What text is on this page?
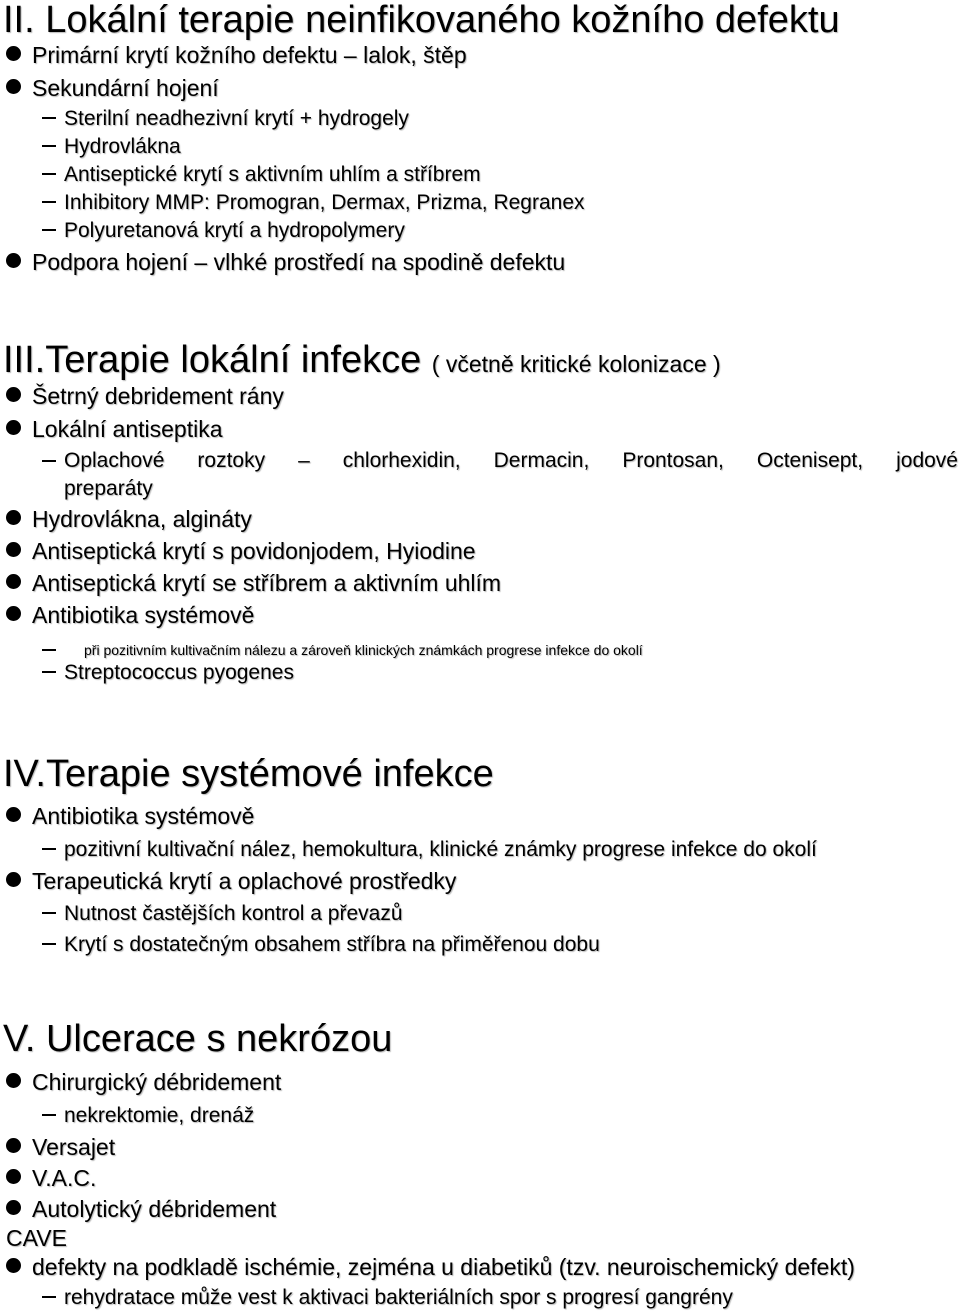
II. Lokální terapie neinfikovaného kožního defektu
Primární krytí kožního defektu – lalok, štěp
Sekundární hojení
Sterilní neadhezivní krytí + hydrogely
Hydrovlákna
Antiseptické krytí s aktivním uhlím a stříbrem
Inhibitory MMP: Promogran, Dermax, Prizma, Regranex
Polyuretanová krytí a hydropolymery
Podpora hojení – vlhké prostředí na spodině defektu
III.Terapie lokální infekce ( včetně kritické kolonizace )
Šetrný debridement rány
Lokální antiseptika
Oplachové roztoky – chlorhexidin, Dermacin, Prontosan, Octenisept, jodové
preparáty
Hydrovlákna, algináty
Antiseptická krytí s povidonjodem, Hyiodine
Antiseptická krytí se stříbrem a aktivním uhlím
Antibiotika systémově
při pozitivním kultivačním nálezu a zároveň klinických známkách progrese infekce do okolí
Streptococcus pyogenes
IV.Terapie systémové infekce
Antibiotika systémově
pozitivní kultivační nález, hemokultura, klinické známky progrese infekce do okolí
Terapeutická krytí a oplachové prostředky
Nutnost častějších kontrol a převazů
Krytí s dostatečným obsahem stříbra na přiměřenou dobu
V. Ulcerace s nekrózou
Chirurgický débridement
nekrektomie, drenáž
Versajet
V.A.C.
Autolytický débridement
CAVE
defekty na podkladě ischémie, zejména u diabetiků (tzv. neuroischemický defekt)
rehydratace může vest k aktivaci bakteriálních spor s progresí gangrény
